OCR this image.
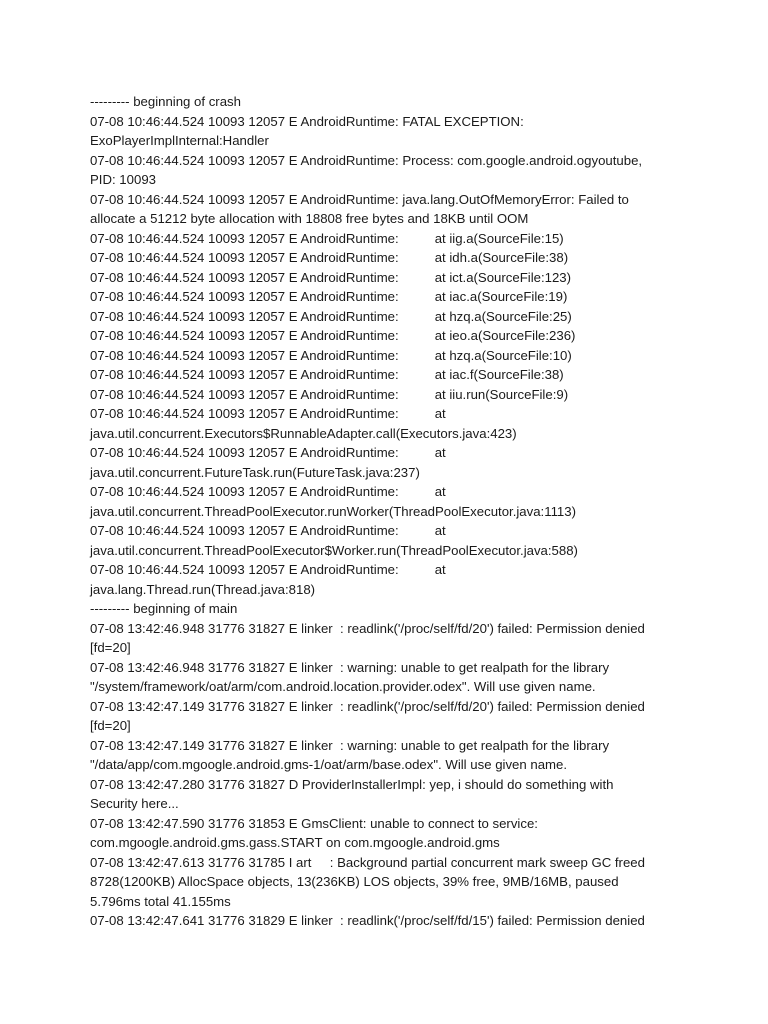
--------- beginning of crash
07-08 10:46:44.524 10093 12057 E AndroidRuntime: FATAL EXCEPTION:
ExoPlayerImplInternal:Handler
07-08 10:46:44.524 10093 12057 E AndroidRuntime: Process: com.google.android.ogyoutube,
PID: 10093
07-08 10:46:44.524 10093 12057 E AndroidRuntime: java.lang.OutOfMemoryError: Failed to
allocate a 51212 byte allocation with 18808 free bytes and 18KB until OOM
07-08 10:46:44.524 10093 12057 E AndroidRuntime:	at iig.a(SourceFile:15)
07-08 10:46:44.524 10093 12057 E AndroidRuntime:	at idh.a(SourceFile:38)
07-08 10:46:44.524 10093 12057 E AndroidRuntime:	at ict.a(SourceFile:123)
07-08 10:46:44.524 10093 12057 E AndroidRuntime:	at iac.a(SourceFile:19)
07-08 10:46:44.524 10093 12057 E AndroidRuntime:	at hzq.a(SourceFile:25)
07-08 10:46:44.524 10093 12057 E AndroidRuntime:	at ieo.a(SourceFile:236)
07-08 10:46:44.524 10093 12057 E AndroidRuntime:	at hzq.a(SourceFile:10)
07-08 10:46:44.524 10093 12057 E AndroidRuntime:	at iac.f(SourceFile:38)
07-08 10:46:44.524 10093 12057 E AndroidRuntime:	at iiu.run(SourceFile:9)
07-08 10:46:44.524 10093 12057 E AndroidRuntime:	at
java.util.concurrent.Executors$RunnableAdapter.call(Executors.java:423)
07-08 10:46:44.524 10093 12057 E AndroidRuntime:	at
java.util.concurrent.FutureTask.run(FutureTask.java:237)
07-08 10:46:44.524 10093 12057 E AndroidRuntime:	at
java.util.concurrent.ThreadPoolExecutor.runWorker(ThreadPoolExecutor.java:1113)
07-08 10:46:44.524 10093 12057 E AndroidRuntime:	at
java.util.concurrent.ThreadPoolExecutor$Worker.run(ThreadPoolExecutor.java:588)
07-08 10:46:44.524 10093 12057 E AndroidRuntime:	at
java.lang.Thread.run(Thread.java:818)
--------- beginning of main
07-08 13:42:46.948 31776 31827 E linker  : readlink('/proc/self/fd/20') failed: Permission denied
[fd=20]
07-08 13:42:46.948 31776 31827 E linker  : warning: unable to get realpath for the library
"/system/framework/oat/arm/com.android.location.provider.odex". Will use given name.
07-08 13:42:47.149 31776 31827 E linker  : readlink('/proc/self/fd/20') failed: Permission denied
[fd=20]
07-08 13:42:47.149 31776 31827 E linker  : warning: unable to get realpath for the library
"/data/app/com.mgoogle.android.gms-1/oat/arm/base.odex". Will use given name.
07-08 13:42:47.280 31776 31827 D ProviderInstallerImpl: yep, i should do something with
Security here...
07-08 13:42:47.590 31776 31853 E GmsClient: unable to connect to service:
com.mgoogle.android.gms.gass.START on com.mgoogle.android.gms
07-08 13:42:47.613 31776 31785 I art     : Background partial concurrent mark sweep GC freed
8728(1200KB) AllocSpace objects, 13(236KB) LOS objects, 39% free, 9MB/16MB, paused
5.796ms total 41.155ms
07-08 13:42:47.641 31776 31829 E linker  : readlink('/proc/self/fd/15') failed: Permission denied
